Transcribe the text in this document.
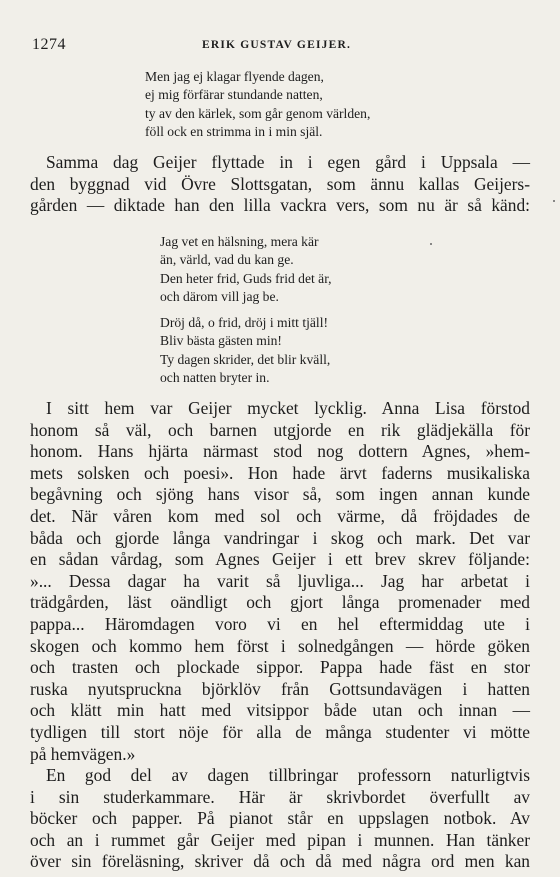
1274	ERIK GUSTAV GEIJER.
Men jag ej klagar flyende dagen,
ej mig förfärar stundande natten,
ty av den kärlek, som går genom världen,
föll ock en strimma in i min själ.
Samma dag Geijer flyttade in i egen gård i Uppsala —
den byggnad vid Övre Slottsgatan, som ännu kallas Geijers-
gården — diktade han den lilla vackra vers, som nu är så känd:
Jag vet en hälsning, mera kär
än, värld, vad du kan ge.
Den heter frid, Guds frid det är,
och därom vill jag be.
Dröj då, o frid, dröj i mitt tjäll!
Bliv bästa gästen min!
Ty dagen skrider, det blir kväll,
och natten bryter in.
I sitt hem var Geijer mycket lycklig. Anna Lisa förstod
honom så väl, och barnen utgjorde en rik glädjekälla för
honom. Hans hjärta närmast stod nog dottern Agnes, »hem-
mets solsken och poesi». Hon hade ärvt faderns musikaliska
begåvning och sjöng hans visor så, som ingen annan kunde
det. När våren kom med sol och värme, då fröjdades de
båda och gjorde långa vandringar i skog och mark. Det var
en sådan vårdag, som Agnes Geijer i ett brev skrev följande:
»... Dessa dagar ha varit så ljuvliga... Jag har arbetat i
trädgården, läst oändligt och gjort långa promenader med
pappa... Häromdagen voro vi en hel eftermiddag ute i
skogen och kommo hem först i solnedgången — hörde göken
och trasten och plockade sippor. Pappa hade fäst en stor
ruska nyutspruckna björklöv från Gottsundavägen i hatten
och klätt min hatt med vitsippor både utan och innan —
tydligen till stort nöje för alla de många studenter vi mötte
på hemvägen.»
En god del av dagen tillbringar professorn naturligtvis
i sin studerkammare. Här är skrivbordet överfullt av
böcker och papper. På pianot står en uppslagen notbok. Av
och an i rummet går Geijer med pipan i munnen. Han tänker
över sin föreläsning, skriver då och då med några ord men kan
